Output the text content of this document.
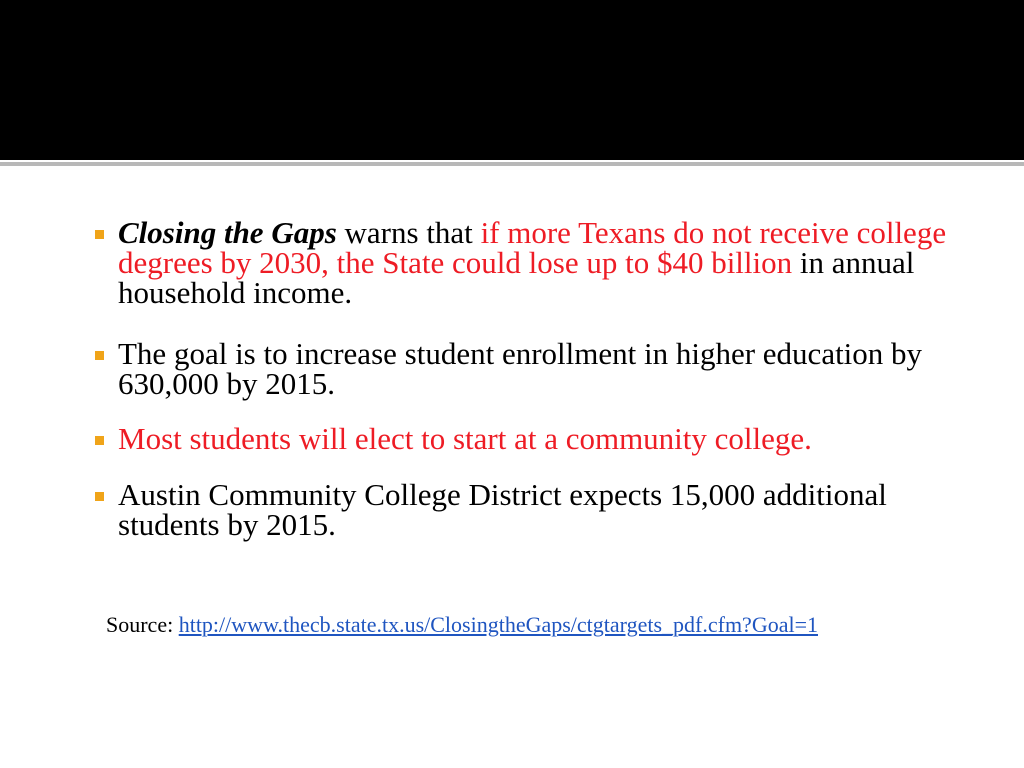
Closing the Gaps warns that if more Texans do not receive college degrees by 2030, the State could lose up to $40 billion in annual household income.
The goal is to increase student enrollment in higher education by 630,000 by 2015.
Most students will elect to start at a community college.
Austin Community College District expects 15,000 additional students by 2015.
Source: http://www.thecb.state.tx.us/ClosingtheGaps/ctgtargets_pdf.cfm?Goal=1
